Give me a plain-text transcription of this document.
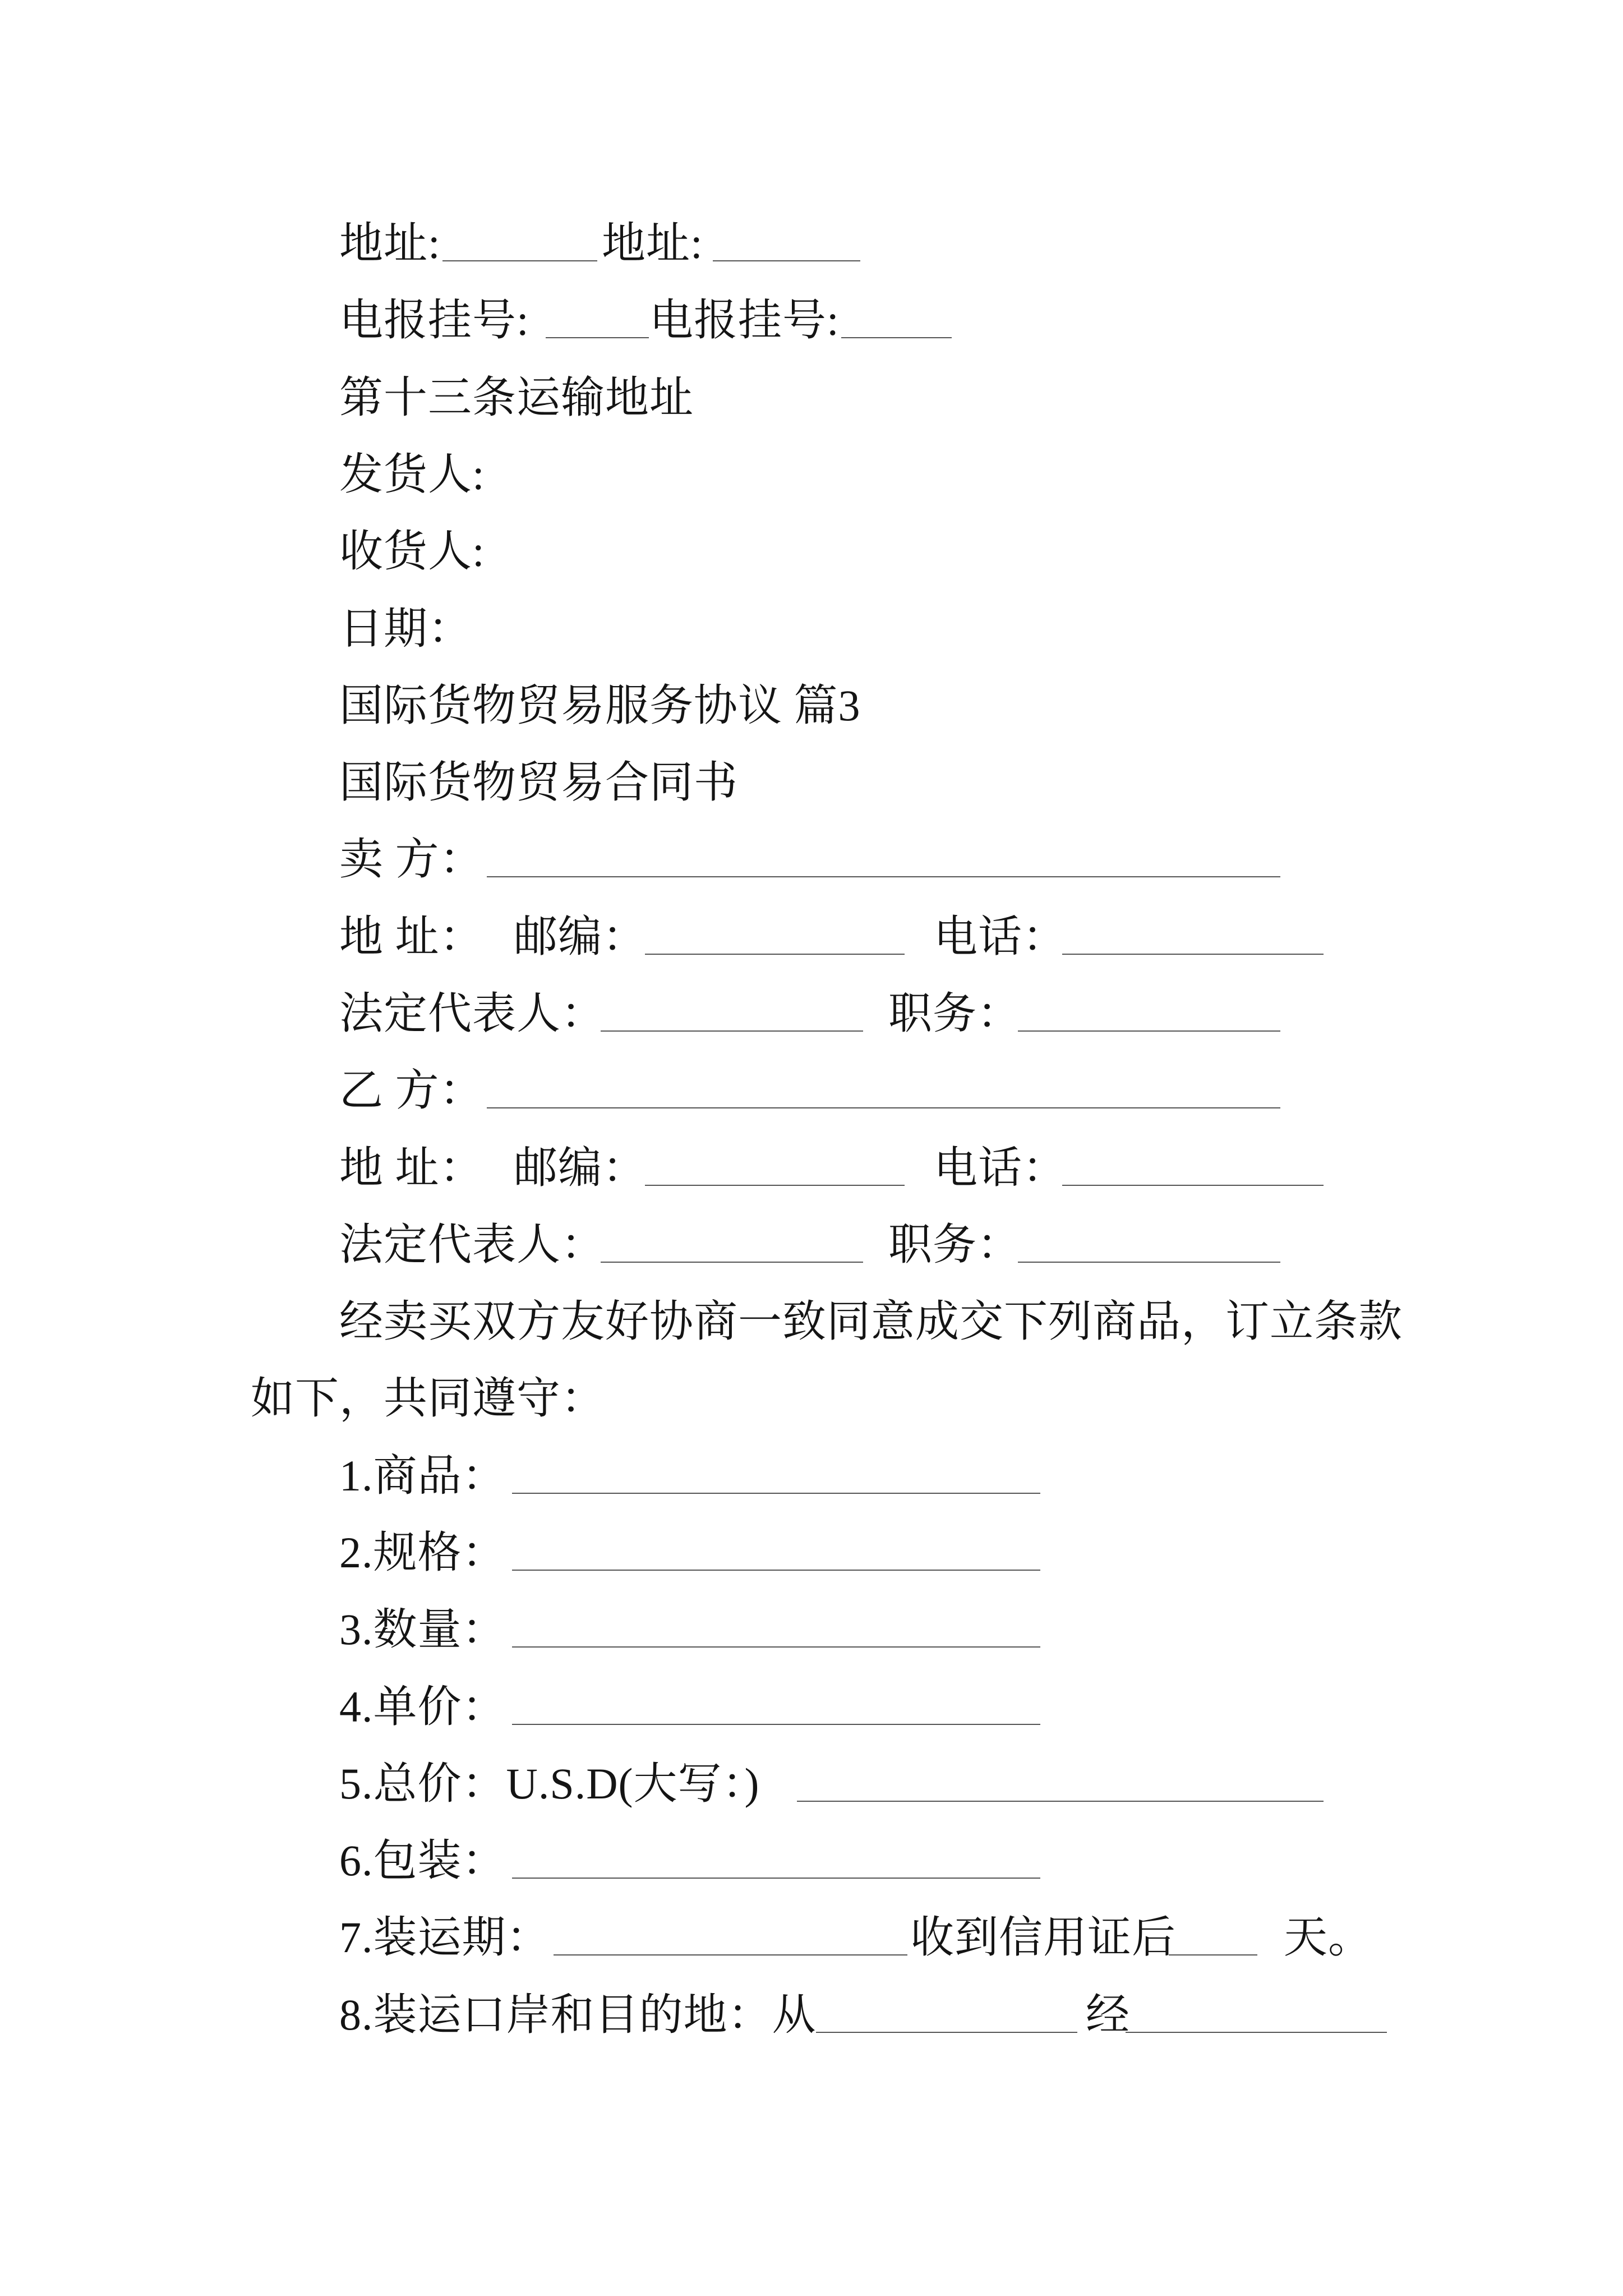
地址:	地址:
电报挂号:	电报挂号:
第十三条运输地址
发货人:
收货人:
日期：
国际货物贸易服务协议 篇3
国际货物贸易合同书
卖 方：
地 址： 邮编：	电话：
法定代表人：	职务：
乙 方：
地 址： 邮编：	电话：
法定代表人：	职务：
经卖买双方友好协商一致同意成交下列商品，订立条款
如下，共同遵守：
1.商品：
2.规格：
3.数量：
4.单价：
5.总价：U.S.D(大写：)
6.包装：
7.装运期：	收到信用证后 天。
8.装运口岸和目的地：从	经
